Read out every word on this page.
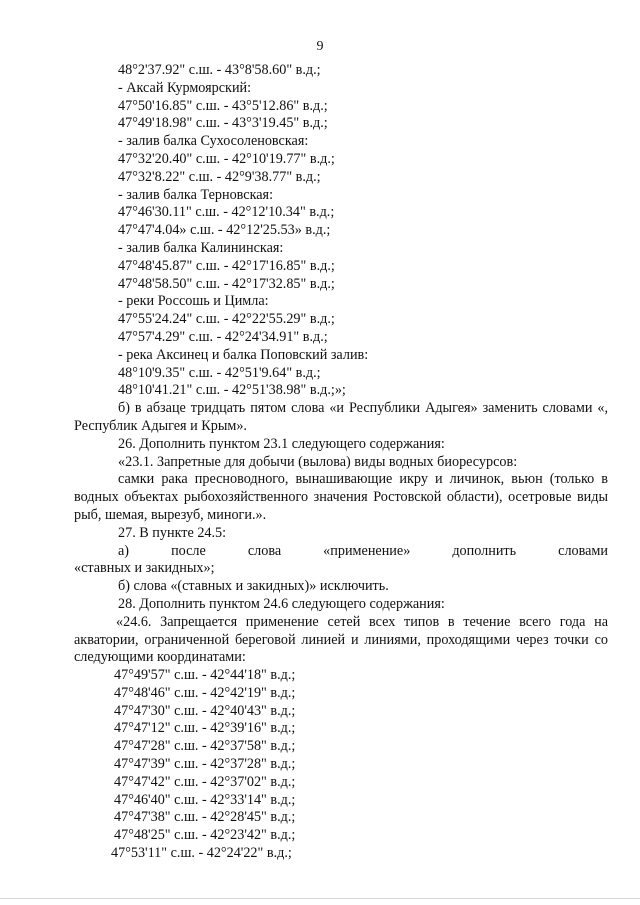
9
48°2'37.92" с.ш. - 43°8'58.60" в.д.;
- Аксай Курмоярский:
47°50'16.85" с.ш. - 43°5'12.86" в.д.;
47°49'18.98" с.ш. - 43°3'19.45" в.д.;
- залив балка Сухосоленовская:
47°32'20.40" с.ш. - 42°10'19.77" в.д.;
47°32'8.22" с.ш. - 42°9'38.77" в.д.;
- залив балка Терновская:
47°46'30.11" с.ш. - 42°12'10.34" в.д.;
47°47'4.04» с.ш. - 42°12'25.53» в.д.;
- залив балка Калининская:
47°48'45.87" с.ш. - 42°17'16.85" в.д.;
47°48'58.50" с.ш. - 42°17'32.85" в.д.;
- реки Россошь и Цимла:
47°55'24.24" с.ш. - 42°22'55.29" в.д.;
47°57'4.29" с.ш. - 42°24'34.91" в.д.;
- река Аксинец и балка Поповский залив:
48°10'9.35" с.ш. - 42°51'9.64" в.д.;
48°10'41.21" с.ш. - 42°51'38.98" в.д.;»;
б) в абзаце тридцать пятом слова «и Республики Адыгея» заменить словами «, Республик Адыгея и Крым».
26. Дополнить пунктом 23.1 следующего содержания:
«23.1. Запретные для добычи (вылова) виды водных биоресурсов:
самки рака пресноводного, вынашивающие икру и личинок, вьюн (только в водных объектах рыбохозяйственного значения Ростовской области), осетровые виды рыб, шемая, вырезуб, миноги.».
27. В пункте 24.5:
а)	после	слова	«применение»	дополнить	словами
«ставных и закидных»;
б) слова «(ставных и закидных)» исключить.
28. Дополнить пунктом 24.6 следующего содержания:
«24.6. Запрещается применение сетей всех типов в течение всего года на акватории, ограниченной береговой линией и линиями, проходящими через точки со следующими координатами:
47°49'57" с.ш. - 42°44'18" в.д.;
47°48'46" с.ш. - 42°42'19" в.д.;
47°47'30" с.ш. - 42°40'43" в.д.;
47°47'12" с.ш. - 42°39'16" в.д.;
47°47'28" с.ш. - 42°37'58" в.д.;
47°47'39" с.ш. - 42°37'28" в.д.;
47°47'42" с.ш. - 42°37'02" в.д.;
47°46'40" с.ш. - 42°33'14" в.д.;
47°47'38" с.ш. - 42°28'45" в.д.;
47°48'25" с.ш. - 42°23'42" в.д.;
47°53'11" с.ш. - 42°24'22" в.д.;
